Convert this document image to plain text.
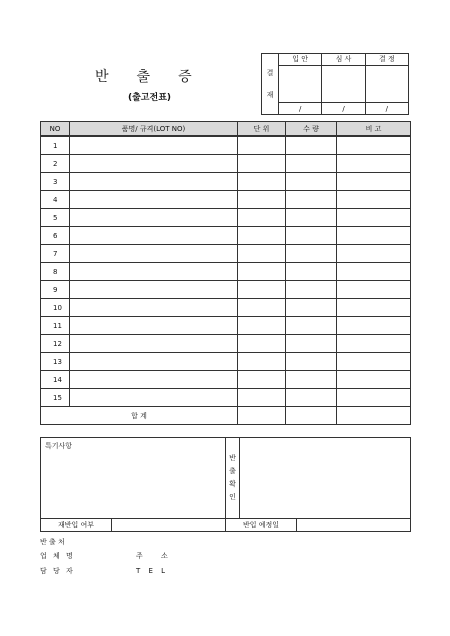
반 출 증
(출고전표)
결
재	입 안	심 사	결 정

	/	/	/
NO	품명/ 규격(LOT NO)	단 위	수 량	비 고
1				
2				
3				
4				
5				
6				
7				
8				
9				
10				
11				
12				
13				
14				
15				
합 계				
특기사항		반
출
확
인		

재반입 여부		반입 예정일		
반 출 처
업 체 명	주 소
담 당 자	T E L
